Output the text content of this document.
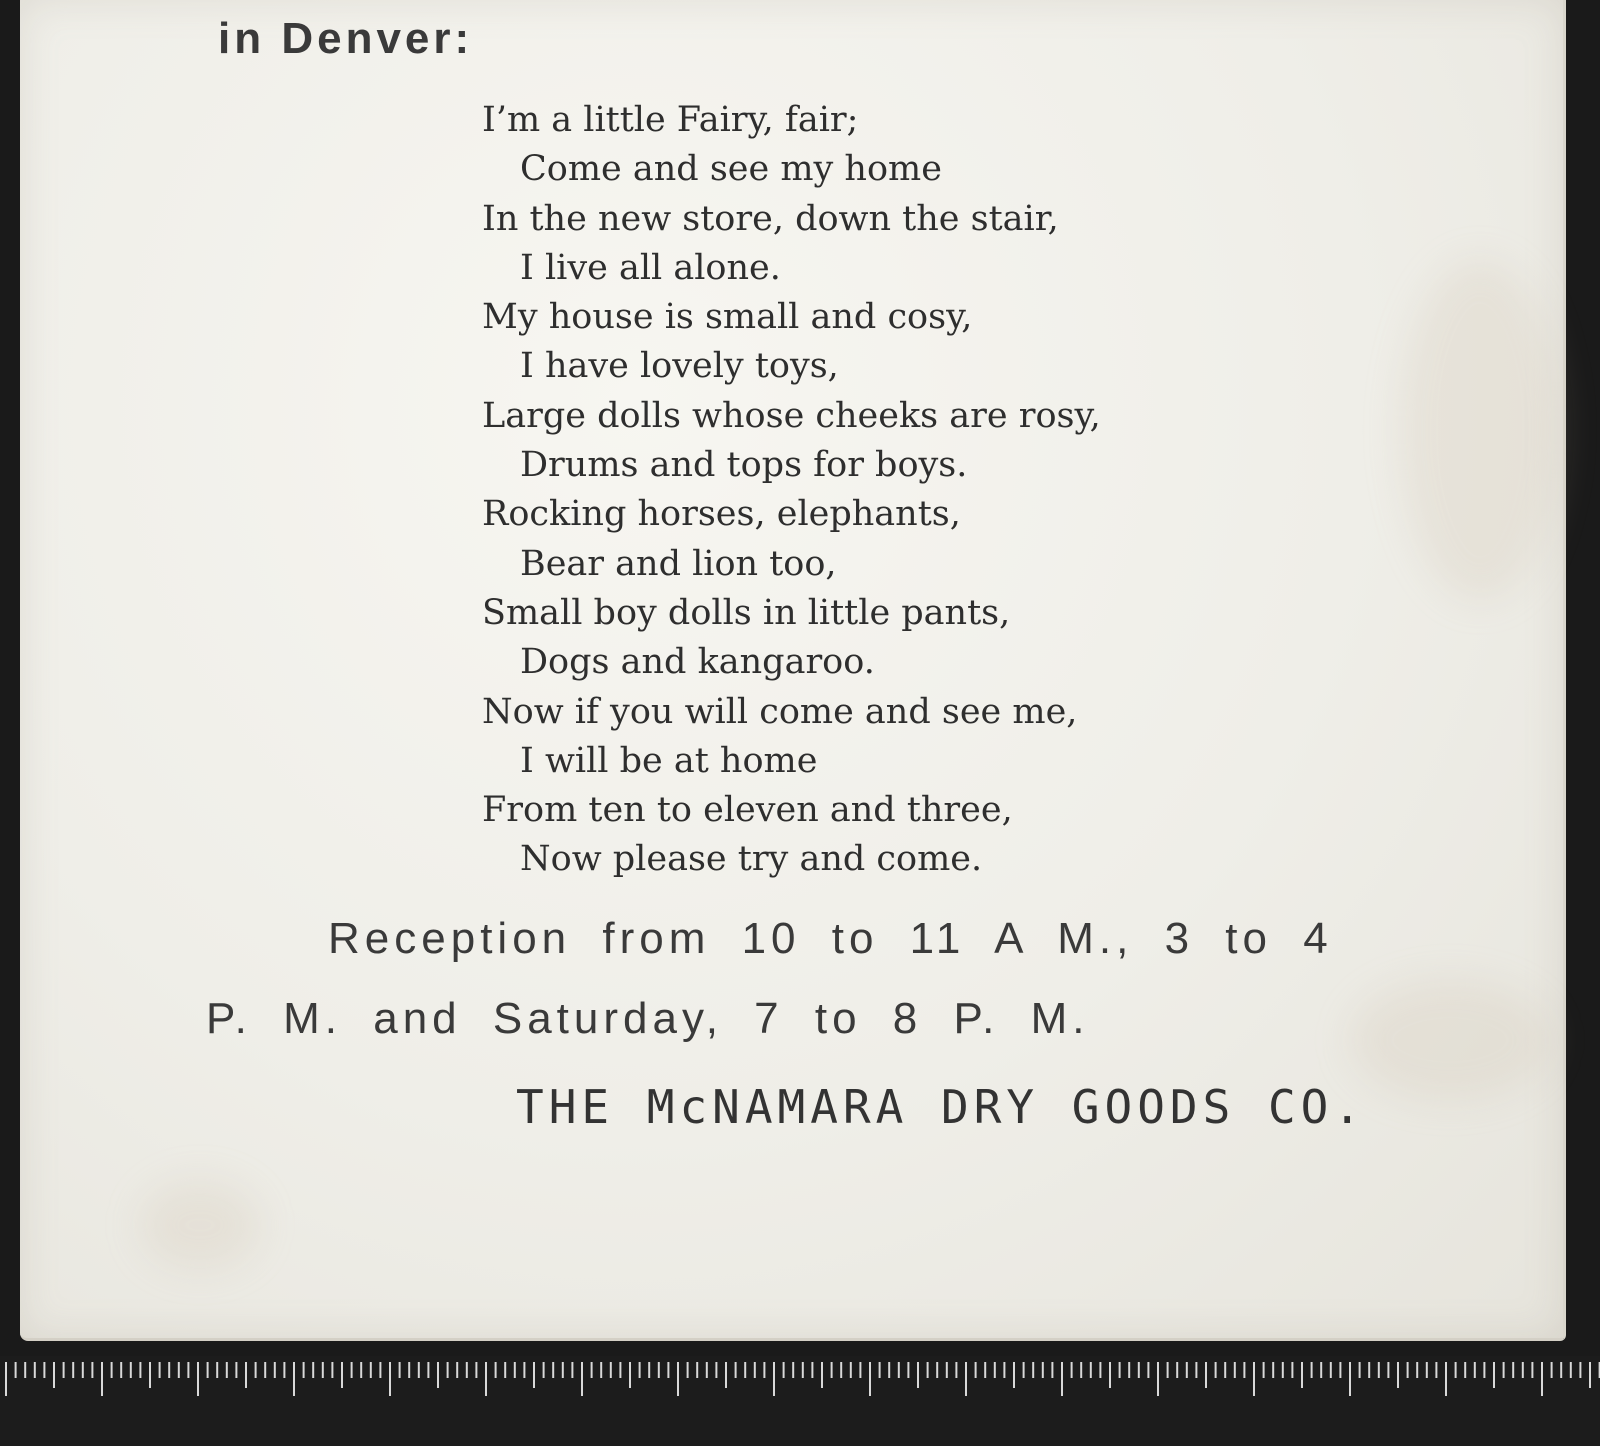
in Denver:
I’m a little Fairy, fair;
Come and see my home
In the new store, down the stair,
I live all alone.
My house is small and cosy,
I have lovely toys,
Large dolls whose cheeks are rosy,
Drums and tops for boys.
Rocking horses, elephants,
Bear and lion too,
Small boy dolls in little pants,
Dogs and kangaroo.
Now if you will come and see me,
I will be at home
From ten to eleven and three,
Now please try and come.

Reception from 10 to 11 A M., 3 to 4

P. M. and Saturday, 7 to 8 P. M.

THE McNAMARA DRY GOODS CO.
